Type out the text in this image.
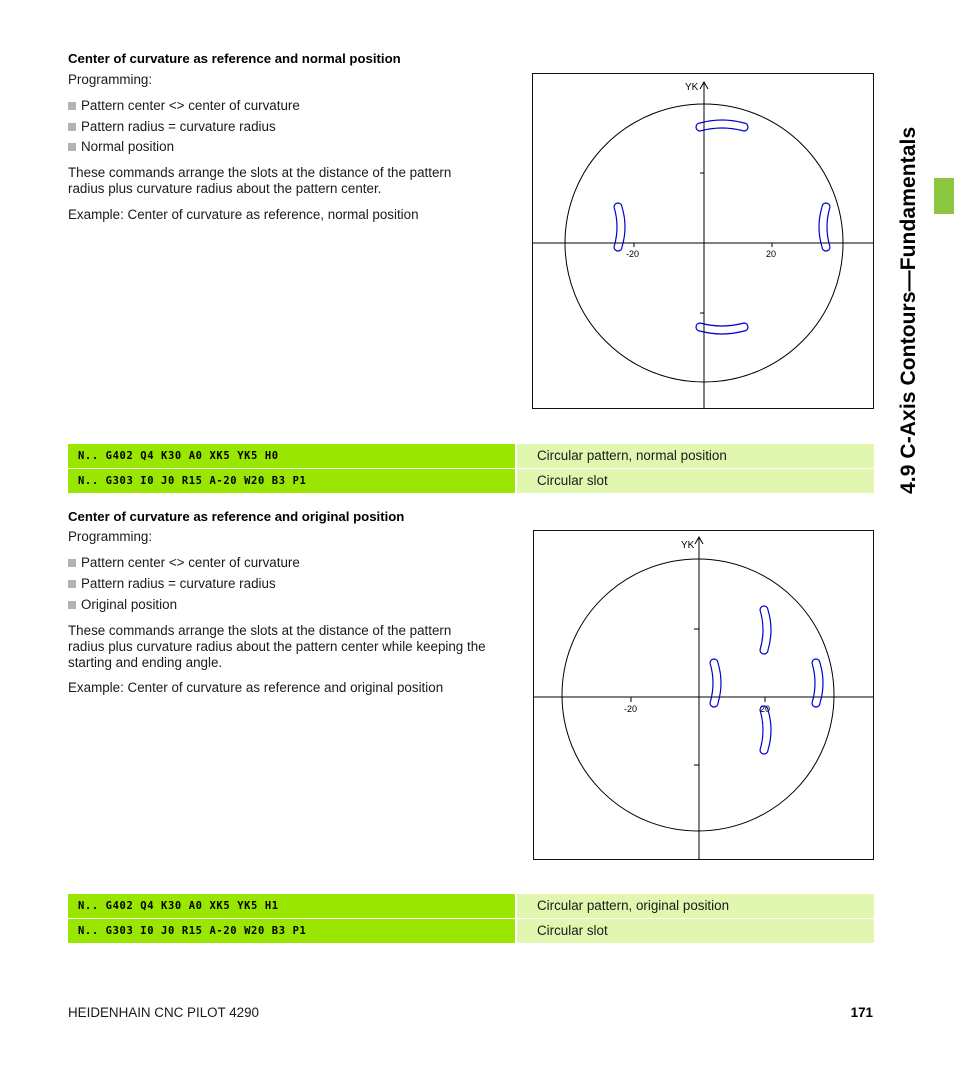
4.9 C-Axis Contours—Fundamentals
Center of curvature as reference and normal position
Programming:
Pattern center <> center of curvature
Pattern radius = curvature radius
Normal position
These commands arrange the slots at the distance of the pattern
radius plus curvature radius about the pattern center.
Example: Center of curvature as reference, normal position
YK
-20	20
N.. G402 Q4 K30 A0 XK5 YK5 H0	Circular pattern, normal position
N.. G303 I0 J0 R15 A-20 W20 B3 P1	Circular slot
Center of curvature as reference and original position
Programming:
Pattern center <> center of curvature
Pattern radius = curvature radius
Original position
These commands arrange the slots at the distance of the pattern
radius plus curvature radius about the pattern center while keeping the
starting and ending angle.
Example: Center of curvature as reference and original position
YK
-20	20
N.. G402 Q4 K30 A0 XK5 YK5 H1	Circular pattern, original position
N.. G303 I0 J0 R15 A-20 W20 B3 P1	Circular slot
HEIDENHAIN CNC PILOT 4290	171
